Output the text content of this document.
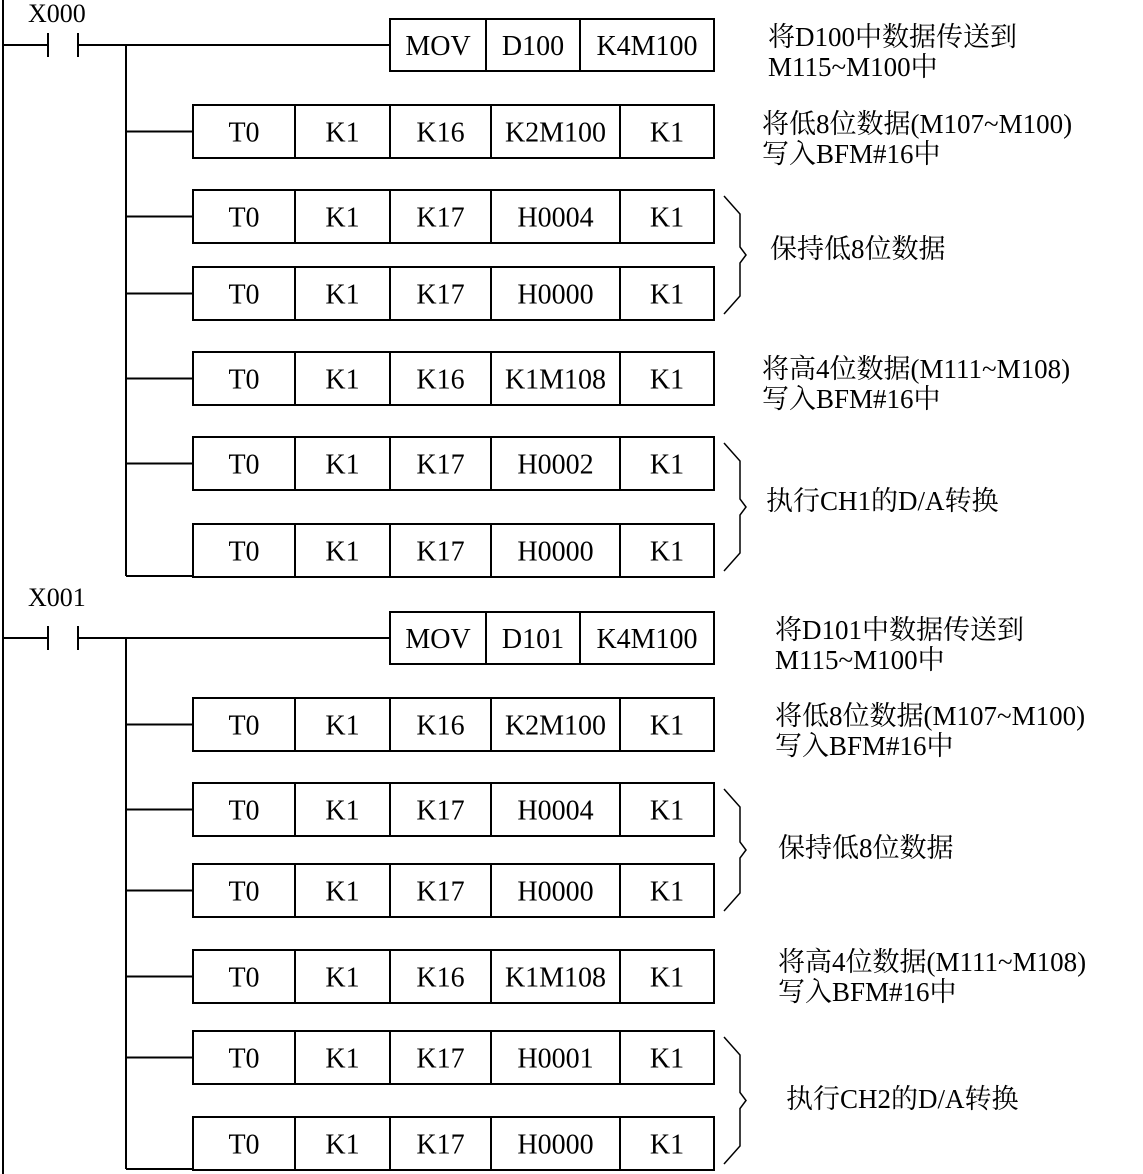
X000
MOV D100 K4M100
T0 K1 K16 K2M100 K1
T0 K1 K17 H0004 K1
T0 K1 K17 H0000 K1
T0 K1 K16 K1M108 K1
T0 K1 K17 H0002 K1
T0 K1 K17 H0000 K1
X001
MOV D101 K4M100
T0 K1 K16 K2M100 K1
T0 K1 K17 H0004 K1
T0 K1 K17 H0000 K1
T0 K1 K16 K1M108 K1
T0 K1 K17 H0001 K1
T0 K1 K17 H0000 K1
将D100中数据传送到
M115~M100中
将低8位数据(M107~M100)
写入BFM#16中
保持低8位数据
将高4位数据(M111~M108)
写入BFM#16中
执行CH1的D/A转换
将D101中数据传送到
M115~M100中
将低8位数据(M107~M100)
写入BFM#16中
保持低8位数据
将高4位数据(M111~M108)
写入BFM#16中
执行CH2的D/A转换
